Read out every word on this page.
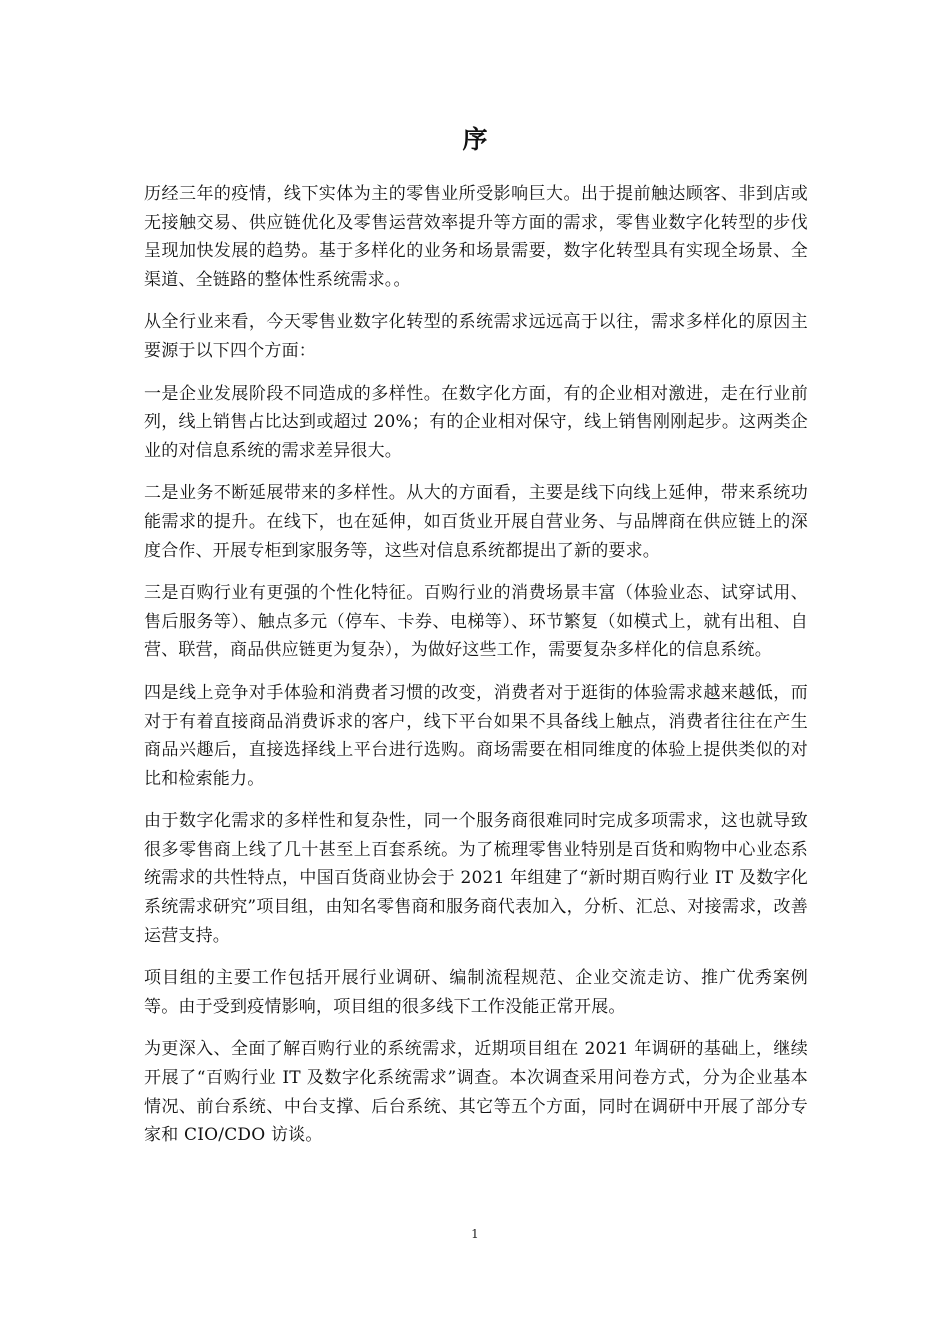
序

历经三年的疫情，线下实体为主的零售业所受影响巨大。出于提前触达顾客、非到店或无接触交易、供应链优化及零售运营效率提升等方面的需求，零售业数字化转型的步伐呈现加快发展的趋势。基于多样化的业务和场景需要，数字化转型具有实现全场景、全渠道、全链路的整体性系统需求。。

从全行业来看，今天零售业数字化转型的系统需求远远高于以往，需求多样化的原因主要源于以下四个方面：

一是企业发展阶段不同造成的多样性。在数字化方面，有的企业相对激进，走在行业前列，线上销售占比达到或超过 20%；有的企业相对保守，线上销售刚刚起步。这两类企业的对信息系统的需求差异很大。

二是业务不断延展带来的多样性。从大的方面看，主要是线下向线上延伸，带来系统功能需求的提升。在线下，也在延伸，如百货业开展自营业务、与品牌商在供应链上的深度合作、开展专柜到家服务等，这些对信息系统都提出了新的要求。

三是百购行业有更强的个性化特征。百购行业的消费场景丰富（体验业态、试穿试用、售后服务等）、触点多元（停车、卡券、电梯等）、环节繁复（如模式上，就有出租、自营、联营，商品供应链更为复杂），为做好这些工作，需要复杂多样化的信息系统。

四是线上竞争对手体验和消费者习惯的改变，消费者对于逛街的体验需求越来越低，而对于有着直接商品消费诉求的客户，线下平台如果不具备线上触点，消费者往往在产生商品兴趣后，直接选择线上平台进行选购。商场需要在相同维度的体验上提供类似的对比和检索能力。

由于数字化需求的多样性和复杂性，同一个服务商很难同时完成多项需求，这也就导致很多零售商上线了几十甚至上百套系统。为了梳理零售业特别是百货和购物中心业态系统需求的共性特点，中国百货商业协会于 2021 年组建了“新时期百购行业 IT 及数字化系统需求研究”项目组，由知名零售商和服务商代表加入，分析、汇总、对接需求，改善运营支持。

项目组的主要工作包括开展行业调研、编制流程规范、企业交流走访、推广优秀案例等。由于受到疫情影响，项目组的很多线下工作没能正常开展。

为更深入、全面了解百购行业的系统需求，近期项目组在 2021 年调研的基础上，继续开展了“百购行业 IT 及数字化系统需求”调查。本次调查采用问卷方式，分为企业基本情况、前台系统、中台支撑、后台系统、其它等五个方面，同时在调研中开展了部分专家和 CIO/CDO 访谈。

1
